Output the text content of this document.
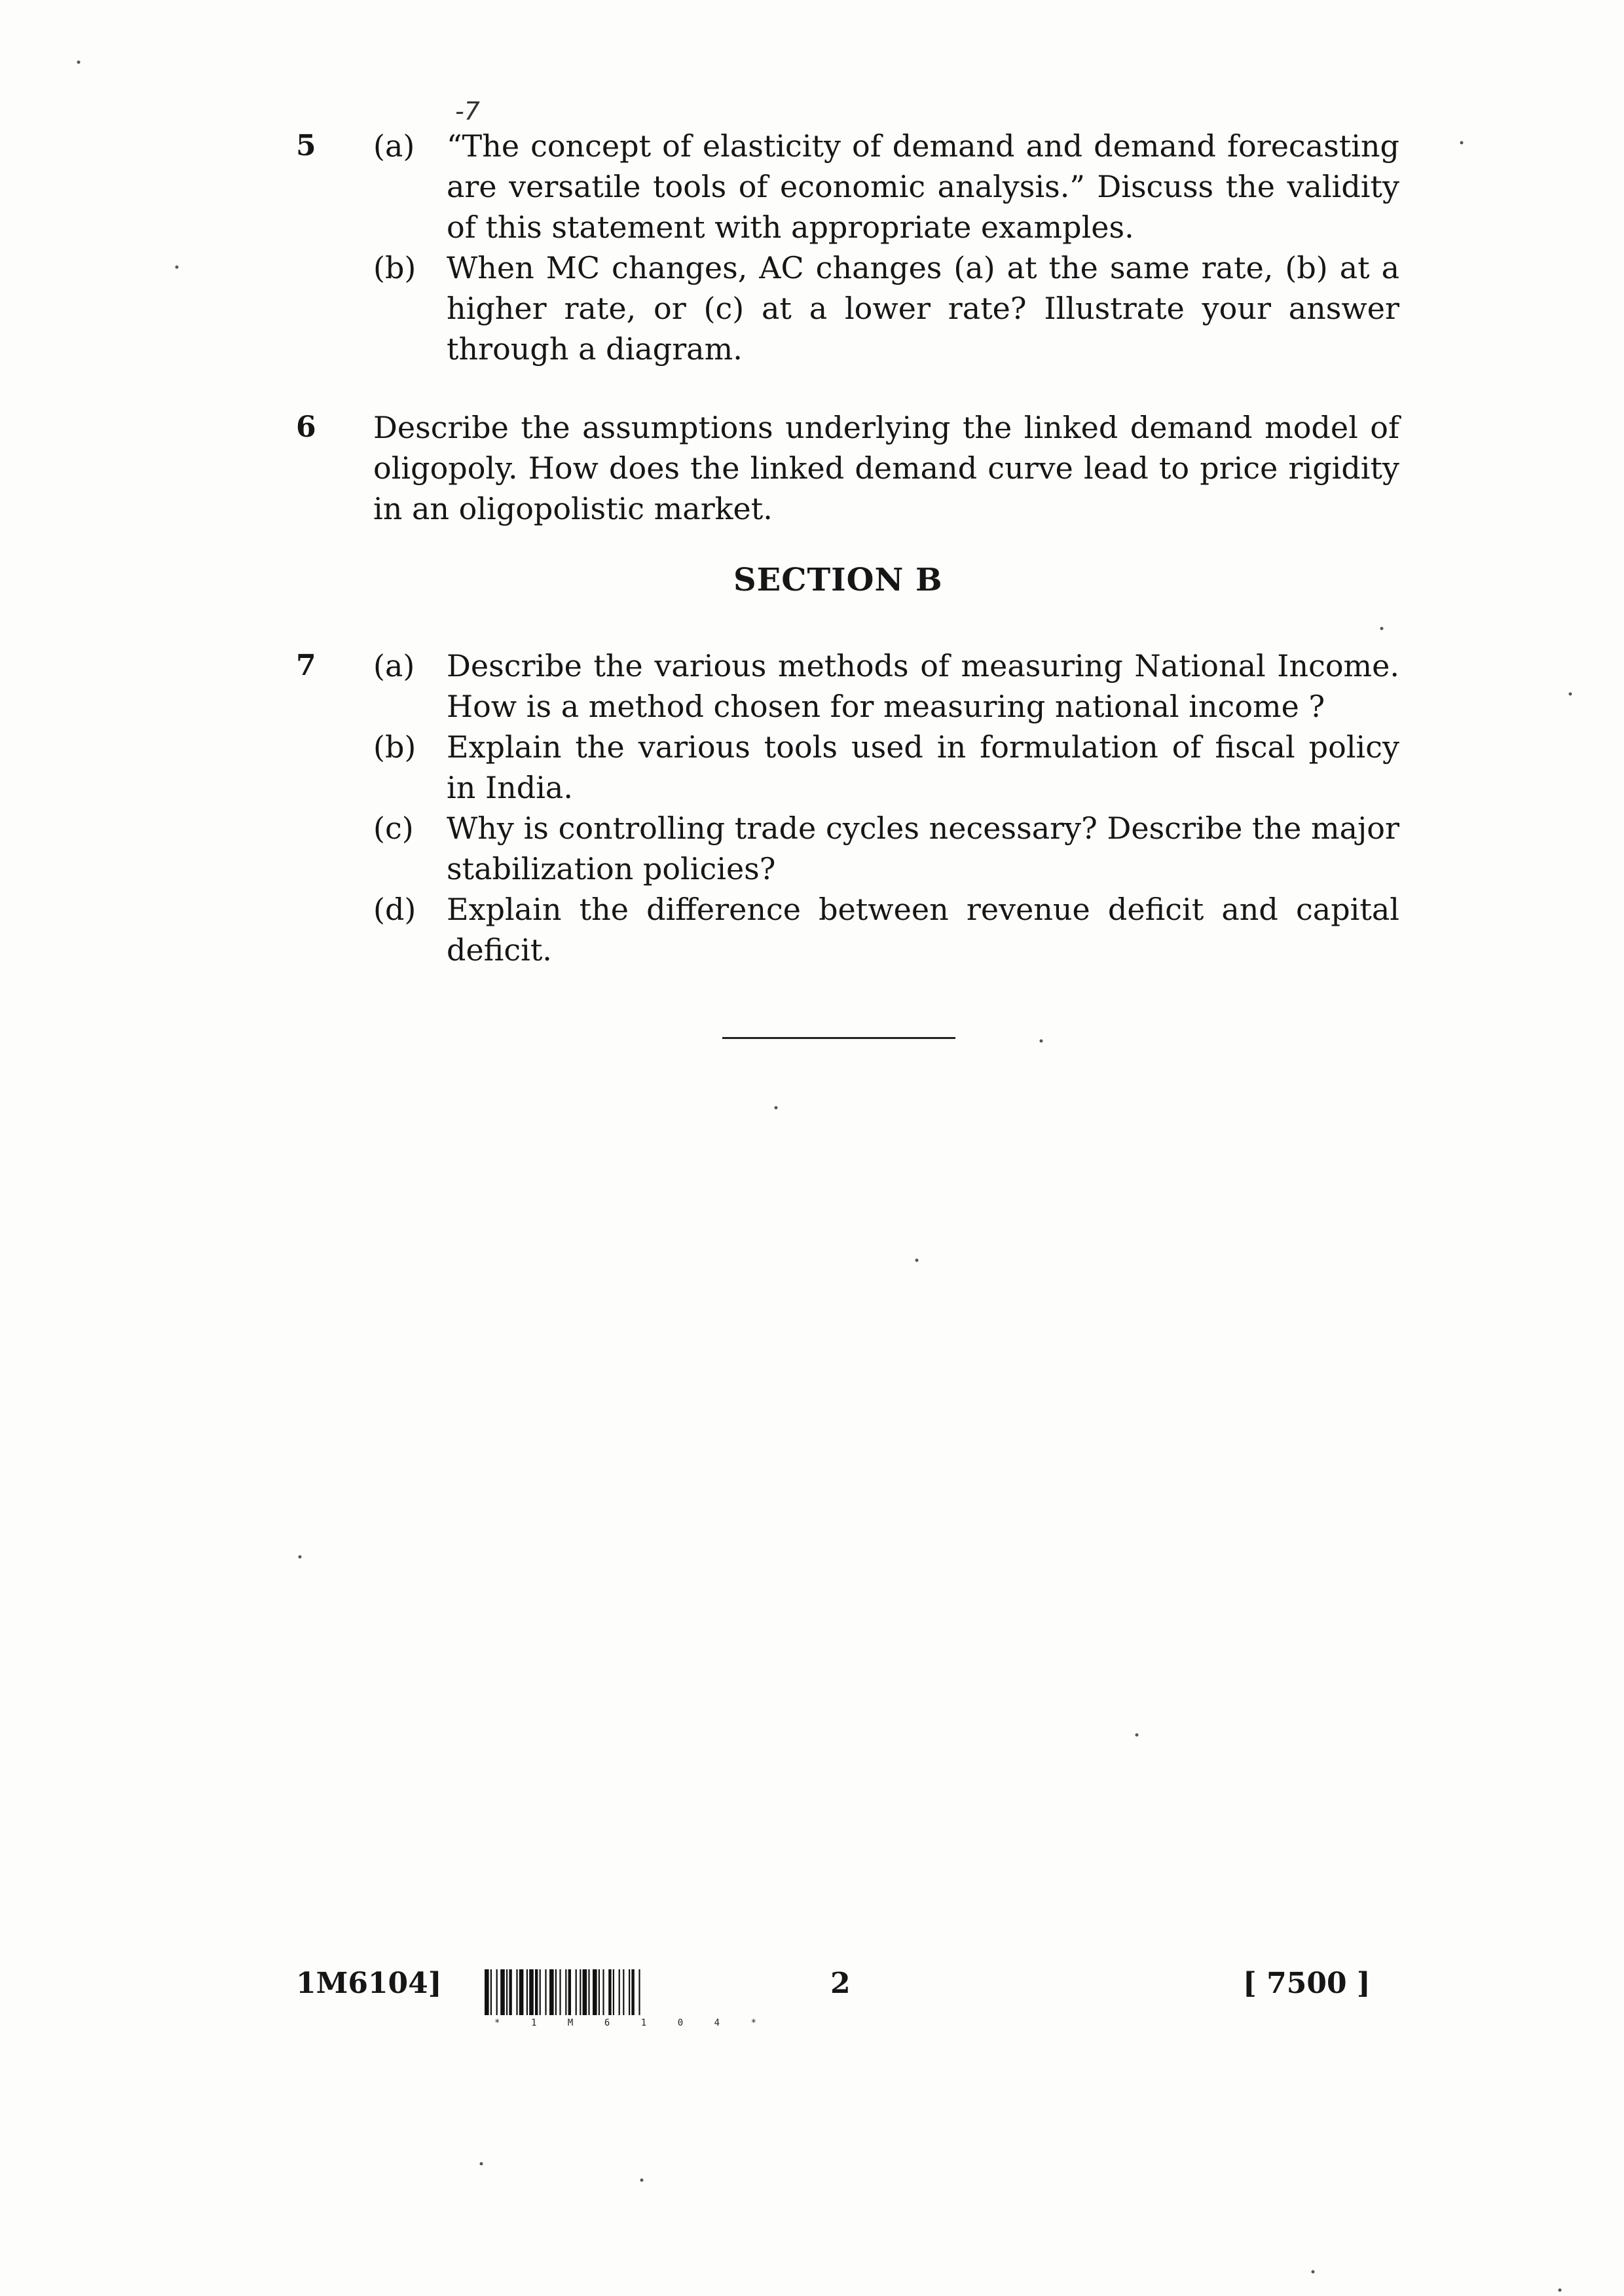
-7
5	(a) “The concept of elasticity of demand and demand forecasting are versatile tools of economic analysis.” Discuss the validity of this statement with appropriate examples.
(b) When MC changes, AC changes (a) at the same rate, (b) at a higher rate, or (c) at a lower rate? Illustrate your answer through a diagram.
6	Describe the assumptions underlying the linked demand model of oligopoly. How does the linked demand curve lead to price rigidity in an oligopolistic market.
SECTION B
7	(a) Describe the various methods of measuring National Income. How is a method chosen for measuring national income ?
(b) Explain the various tools used in formulation of fiscal policy in India.
(c) Why is controlling trade cycles necessary? Describe the major stabilization policies?
(d) Explain the difference between revenue deficit and capital deficit.
1M6104]
*	1	M	6	1	0	4	*
2	[ 7500 ]
